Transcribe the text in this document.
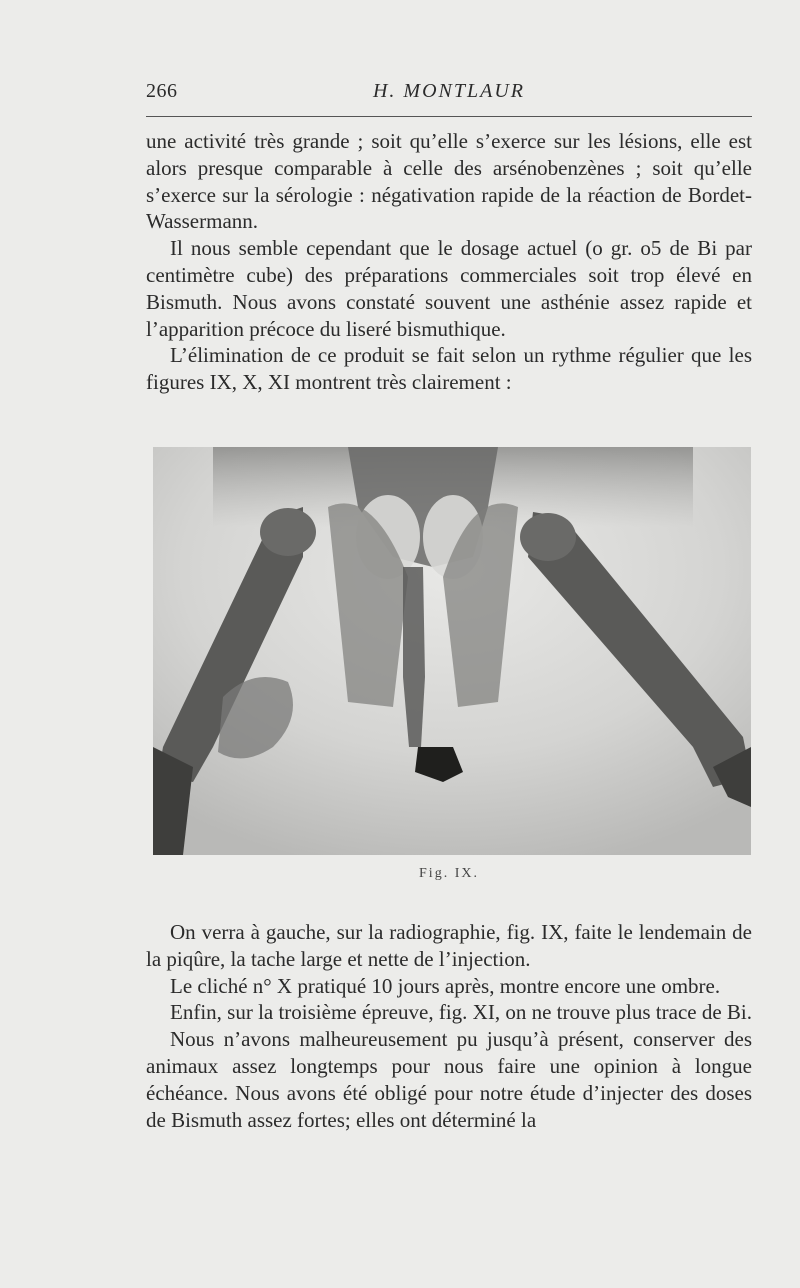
266	H. MONTLAUR

une activité très grande ; soit qu’elle s’exerce sur les lésions, elle est alors presque comparable à celle des arsénobenzènes ; soit qu’elle s’exerce sur la sérologie : négativation rapide de la réaction de Bordet-Wassermann.

Il nous semble cependant que le dosage actuel (o gr. o5 de Bi par centimètre cube) des préparations commerciales soit trop élevé en Bismuth. Nous avons constaté souvent une asthénie assez rapide et l’apparition précoce du liseré bismuthique.

L’élimination de ce produit se fait selon un rythme régulier que les figures IX, X, XI montrent très clairement :

Fig. IX.

On verra à gauche, sur la radiographie, fig. IX, faite le lendemain de la piqûre, la tache large et nette de l’injection.

Le cliché n° X pratiqué 10 jours après, montre encore une ombre.

Enfin, sur la troisième épreuve, fig. XI, on ne trouve plus trace de Bi.

Nous n’avons malheureusement pu jusqu’à présent, conserver des animaux assez longtemps pour nous faire une opinion à longue échéance. Nous avons été obligé pour notre étude d’injecter des doses de Bismuth assez fortes; elles ont déterminé la
